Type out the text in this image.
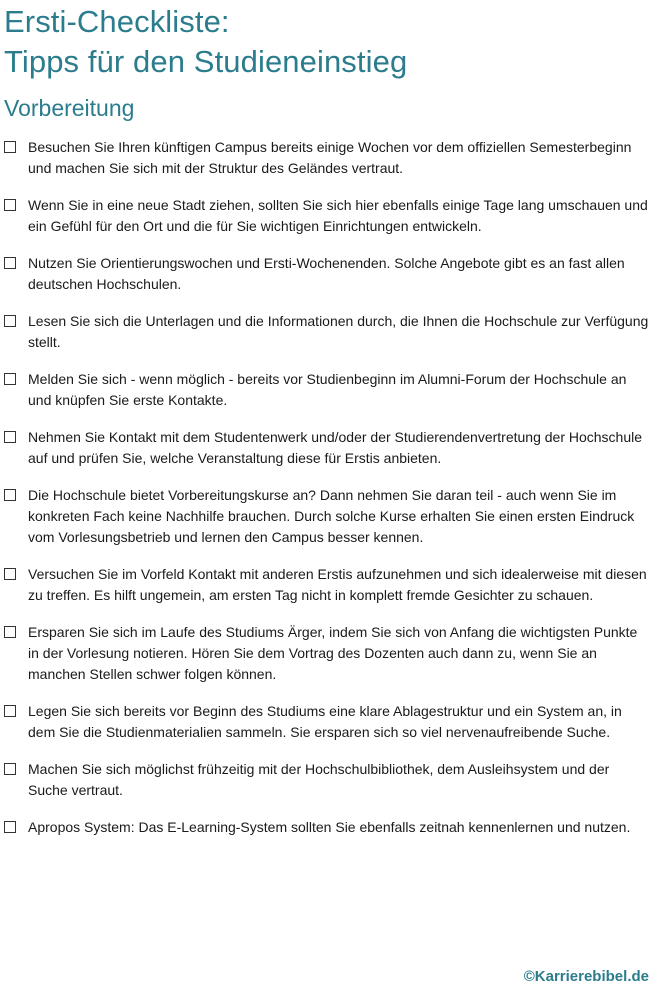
Ersti-Checkliste:
Tipps für den Studieneinstieg
Vorbereitung
Besuchen Sie Ihren künftigen Campus bereits einige Wochen vor dem offiziellen Semesterbeginn und machen Sie sich mit der Struktur des Geländes vertraut.
Wenn Sie in eine neue Stadt ziehen, sollten Sie sich hier ebenfalls einige Tage lang umschauen und ein Gefühl für den Ort und die für Sie wichtigen Einrichtungen entwickeln.
Nutzen Sie Orientierungswochen und Ersti-Wochenenden. Solche Angebote gibt es an fast allen deutschen Hochschulen.
Lesen Sie sich die Unterlagen und die Informationen durch, die Ihnen die Hochschule zur Verfügung stellt.
Melden Sie sich - wenn möglich - bereits vor Studienbeginn im Alumni-Forum der Hochschule an und knüpfen Sie erste Kontakte.
Nehmen Sie Kontakt mit dem Studentenwerk und/oder der Studierendenvertretung der Hochschule auf und prüfen Sie, welche Veranstaltung diese für Erstis anbieten.
Die Hochschule bietet Vorbereitungskurse an? Dann nehmen Sie daran teil - auch wenn Sie im konkreten Fach keine Nachhilfe brauchen. Durch solche Kurse erhalten Sie einen ersten Eindruck vom Vorlesungsbetrieb und lernen den Campus besser kennen.
Versuchen Sie im Vorfeld Kontakt mit anderen Erstis aufzunehmen und sich idealerweise mit diesen zu treffen. Es hilft ungemein, am ersten Tag nicht in komplett fremde Gesichter zu schauen.
Ersparen Sie sich im Laufe des Studiums Ärger, indem Sie sich von Anfang die wichtigsten Punkte in der Vorlesung notieren. Hören Sie dem Vortrag des Dozenten auch dann zu, wenn Sie an manchen Stellen schwer folgen können.
Legen Sie sich bereits vor Beginn des Studiums eine klare Ablagestruktur und ein System an, in dem Sie die Studienmaterialien sammeln. Sie ersparen sich so viel nervenaufreibende Suche.
Machen Sie sich möglichst frühzeitig mit der Hochschulbibliothek, dem Ausleihsystem und der Suche vertraut.
Apropos System: Das E-Learning-System sollten Sie ebenfalls zeitnah kennenlernen und nutzen.
©Karrierebibel.de
